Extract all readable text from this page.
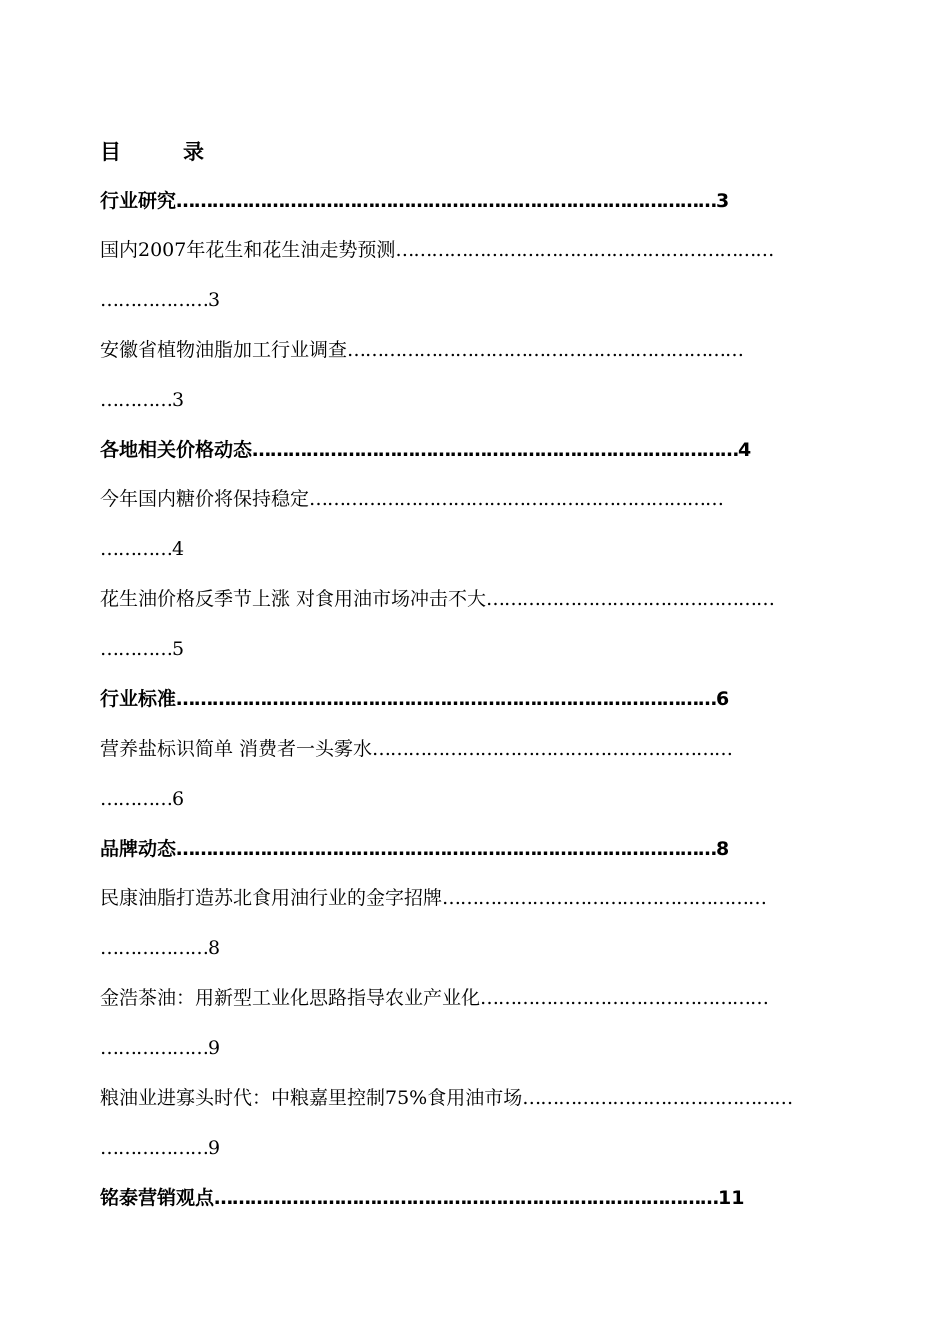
目	录
行业研究………………………………………………………………………………3
国内2007年花生和花生油走势预测………………………………………………………
………………3
安徽省植物油脂加工行业调查…………………………………………………………
…………3
各地相关价格动态………………………………………………………………………4
今年国内糖价将保持稳定……………………………………………………………
…………4
花生油价格反季节上涨 对食用油市场冲击不大…………………………………………
…………5
行业标准………………………………………………………………………………6
营养盐标识简单 消费者一头雾水……………………………………………………
…………6
品牌动态………………………………………………………………………………8
民康油脂打造苏北食用油行业的金字招牌………………………………………………
………………8
金浩茶油：用新型工业化思路指导农业产业化…………………………………………
………………9
粮油业进寡头时代：中粮嘉里控制75%食用油市场………………………………………
………………9
铭泰营销观点…………………………………………………………………………11
